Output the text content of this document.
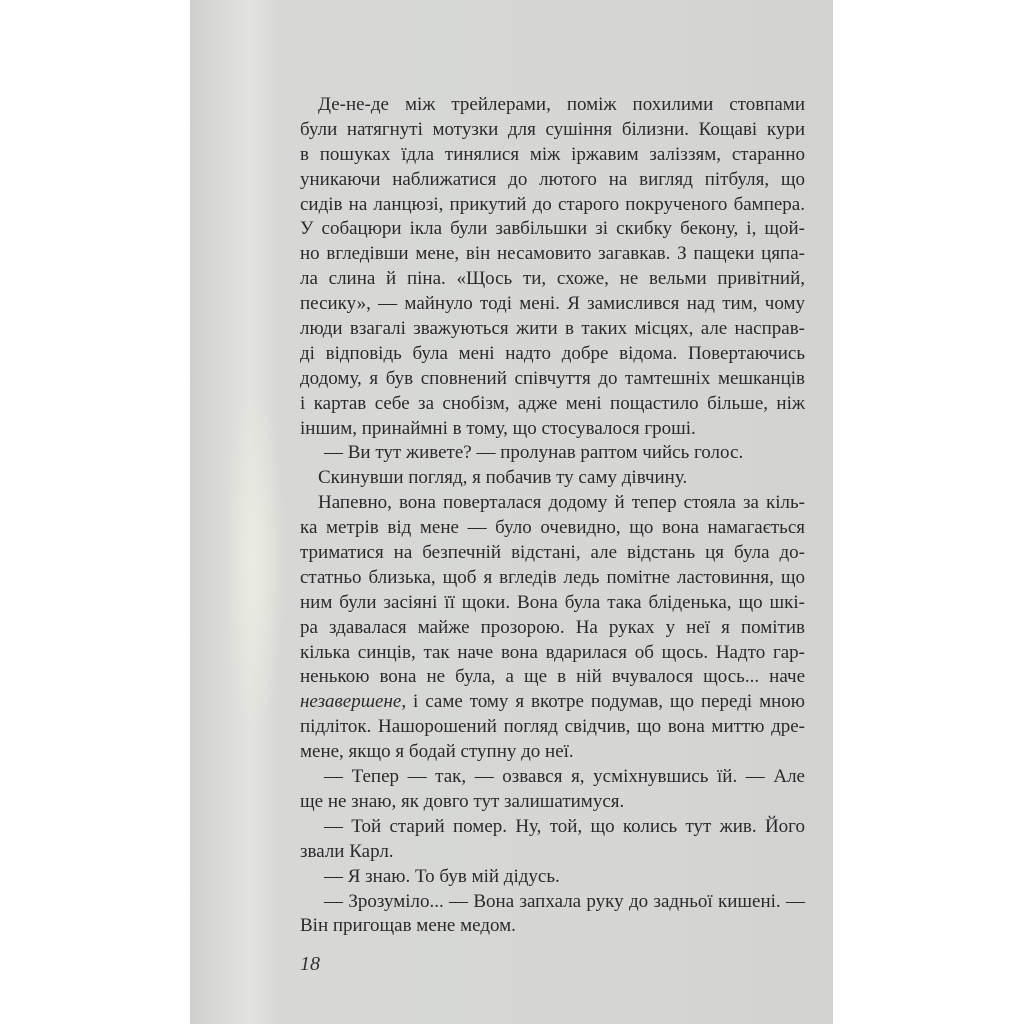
Де-не-де між трейлерами, поміж похилими стовпами
були натягнуті мотузки для сушіння білизни. Кощаві кури
в пошуках їдла тинялися між іржавим заліззям, старанно
уникаючи наближатися до лютого на вигляд пітбуля, що
сидів на ланцюзі, прикутий до старого покрученого бампера.
У собацюри ікла були завбільшки зі скибку бекону, і, щой-
но вгледівши мене, він несамовито загавкав. З пащеки цяпа-
ла слина й піна. «Щось ти, схоже, не вельми привітний,
песику», — майнуло тоді мені. Я замислився над тим, чому
люди взагалі зважуються жити в таких місцях, але насправ-
ді відповідь була мені надто добре відома. Повертаючись
додому, я був сповнений співчуття до тамтешніх мешканців
і картав себе за снобізм, адже мені пощастило більше, ніж
іншим, принаймні в тому, що стосувалося гроші.
— Ви тут живете? — пролунав раптом чийсь голос.
Скинувши погляд, я побачив ту саму дівчину.
Напевно, вона поверталася додому й тепер стояла за кіль-
ка метрів від мене — було очевидно, що вона намагається
триматися на безпечній відстані, але відстань ця була до-
статньо близька, щоб я вгледів ледь помітне ластовиння, що
ним були засіяні її щоки. Вона була така бліденька, що шкі-
ра здавалася майже прозорою. На руках у неї я помітив
кілька синців, так наче вона вдарилася об щось. Надто гар-
ненькою вона не була, а ще в ній вчувалося щось... наче
незавершене, і саме тому я вкотре подумав, що переді мною
підліток. Нашорошений погляд свідчив, що вона миттю дре-
мене, якщо я бодай ступну до неї.
— Тепер — так, — озвався я, усміхнувшись їй. — Але
ще не знаю, як довго тут залишатимуся.
— Той старий помер. Ну, той, що колись тут жив. Його
звали Карл.
— Я знаю. То був мій дідусь.
— Зрозуміло... — Вона запхала руку до задньої кишені. —
Він пригощав мене медом.
18
